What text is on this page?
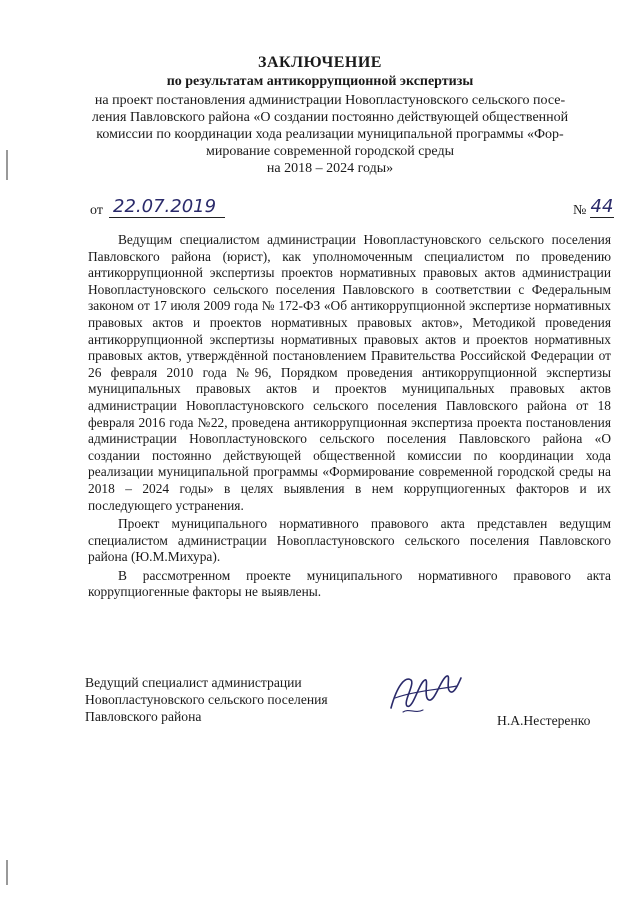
ЗАКЛЮЧЕНИЕ
по результатам антикоррупционной экспертизы
на проект постановления администрации Новопластуновского сельского посе-
ления Павловского района «О создании постоянно действующей общественной
комиссии по координации хода реализации муниципальной программы «Фор-
мирование современной городской среды
на 2018 – 2024 годы»
от 22.07.2019	№ 44

Ведущим специалистом администрации Новопластуновского сельского поселения Павловского района (юрист), как уполномоченным специалистом по проведению антикоррупционной экспертизы проектов нормативных правовых актов администрации Новопластуновского сельского поселения Павловского в соответствии с Федеральным законом от 17 июля 2009 года № 172-ФЗ «Об антикоррупционной экспертизе нормативных правовых актов и проектов нормативных правовых актов», Методикой проведения антикоррупционной экспертизы нормативных правовых актов и проектов нормативных правовых актов, утверждённой постановлением Правительства Российской Федерации от 26 февраля 2010 года №96, Порядком проведения антикоррупционной экспертизы муниципальных правовых актов и проектов муниципальных правовых актов администрации Новопластуновского сельского поселения Павловского района от 18 февраля 2016 года №22, проведена антикоррупционная экспертиза проекта постановления администрации Новопластуновского сельского поселения Павловского района «О создании постоянно действующей общественной комиссии по координации хода реализации муниципальной программы «Формирование современной городской среды на 2018 – 2024 годы» в целях выявления в нем коррупциогенных факторов и их последующего устранения.

Проект муниципального нормативного правового акта представлен ведущим специалистом администрации Новопластуновского сельского поселения Павловского района (Ю.М.Михура).

В рассмотренном проекте муниципального нормативного правового акта коррупциогенные факторы не выявлены.

Ведущий специалист администрации
Новопластуновского сельского поселения
Павловского района	Н.А.Нестеренко
